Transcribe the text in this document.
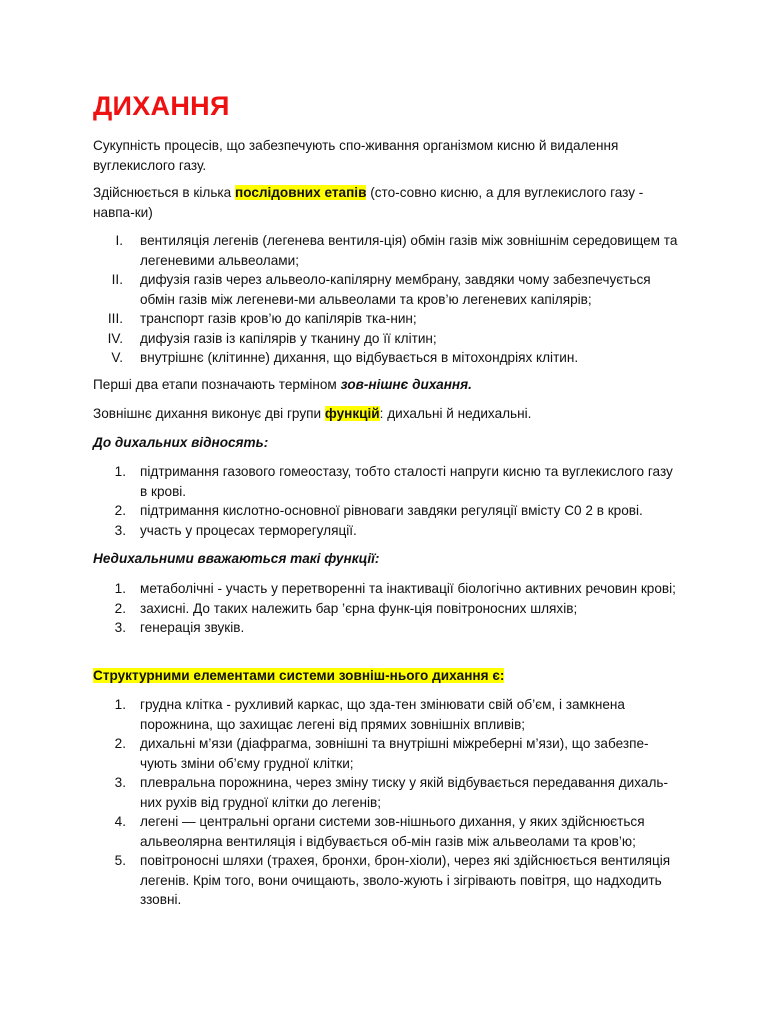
ДИХАННЯ

Сукупність процесів, що забезпечують спо-живання організмом кисню й видалення вуглекислого газу.

Здійснюється в кілька послідовних етапів (сто-совно кисню, а для вуглекислого газу - навпа-ки)

I. вентиляція легенів (легенева вентиля-ція) обмін газів між зовнішнім середовищем та легеневими альвеолами;
II. дифузія газів через альвеоло-капілярну мембрану, завдяки чому забезпечується обмін газів між легеневи-ми альвеолами та кров’ю легеневих капілярів;
III. транспорт газів кров’ю до капілярів тка-нин;
IV. дифузія газів із капілярів у тканину до її клітин;
V. внутрішнє (клітинне) дихання, що відбувається в мітохондріях клітин.

Перші два етапи позначають терміном зов-нішнє дихання.

Зовнішнє дихання виконує дві групи функцій: дихальні й недихальні.

До дихальних відносять:

1. підтримання газового гомеостазу, тобто сталості напруги кисню та вуглекислого газу в крові.
2. підтримання кислотно-основної рівноваги завдяки регуляції вмісту С0 2 в крові.
3. участь у процесах терморегуляції.

Недихальними вважаються такі функції:

1. метаболічні - участь у перетворенні та інактивації біологічно активних речовин крові;
2. захисні. До таких належить бар ’єрна функ-ція повітроносних шляхів;
3. генерація звуків.

Структурними елементами системи зовніш-нього дихання є:

1. грудна клітка - рухливий каркас, що зда-тен змінювати свій об’єм, і замкнена порожнина, що захищає легені від прямих зовнішніх впливів;
2. дихальні м’язи (діафрагма, зовнішні та внутрішні міжреберні м’язи), що забезпе-чують зміни об’єму грудної клітки;
3. плевральна порожнина, через зміну тиску у якій відбувається передавання дихаль-них рухів від грудної клітки до легенів;
4. легені — центральні органи системи зов-нішнього дихання, у яких здійснюється альвеолярна вентиляція і відбувається об-мін газів між альвеолами та кров’ю;
5. повітроносні шляхи (трахея, бронхи, брон-хіоли), через які здійснюється вентиляція легенів. Крім того, вони очищають, зволо-жують і зігрівають повітря, що надходить ззовні.
